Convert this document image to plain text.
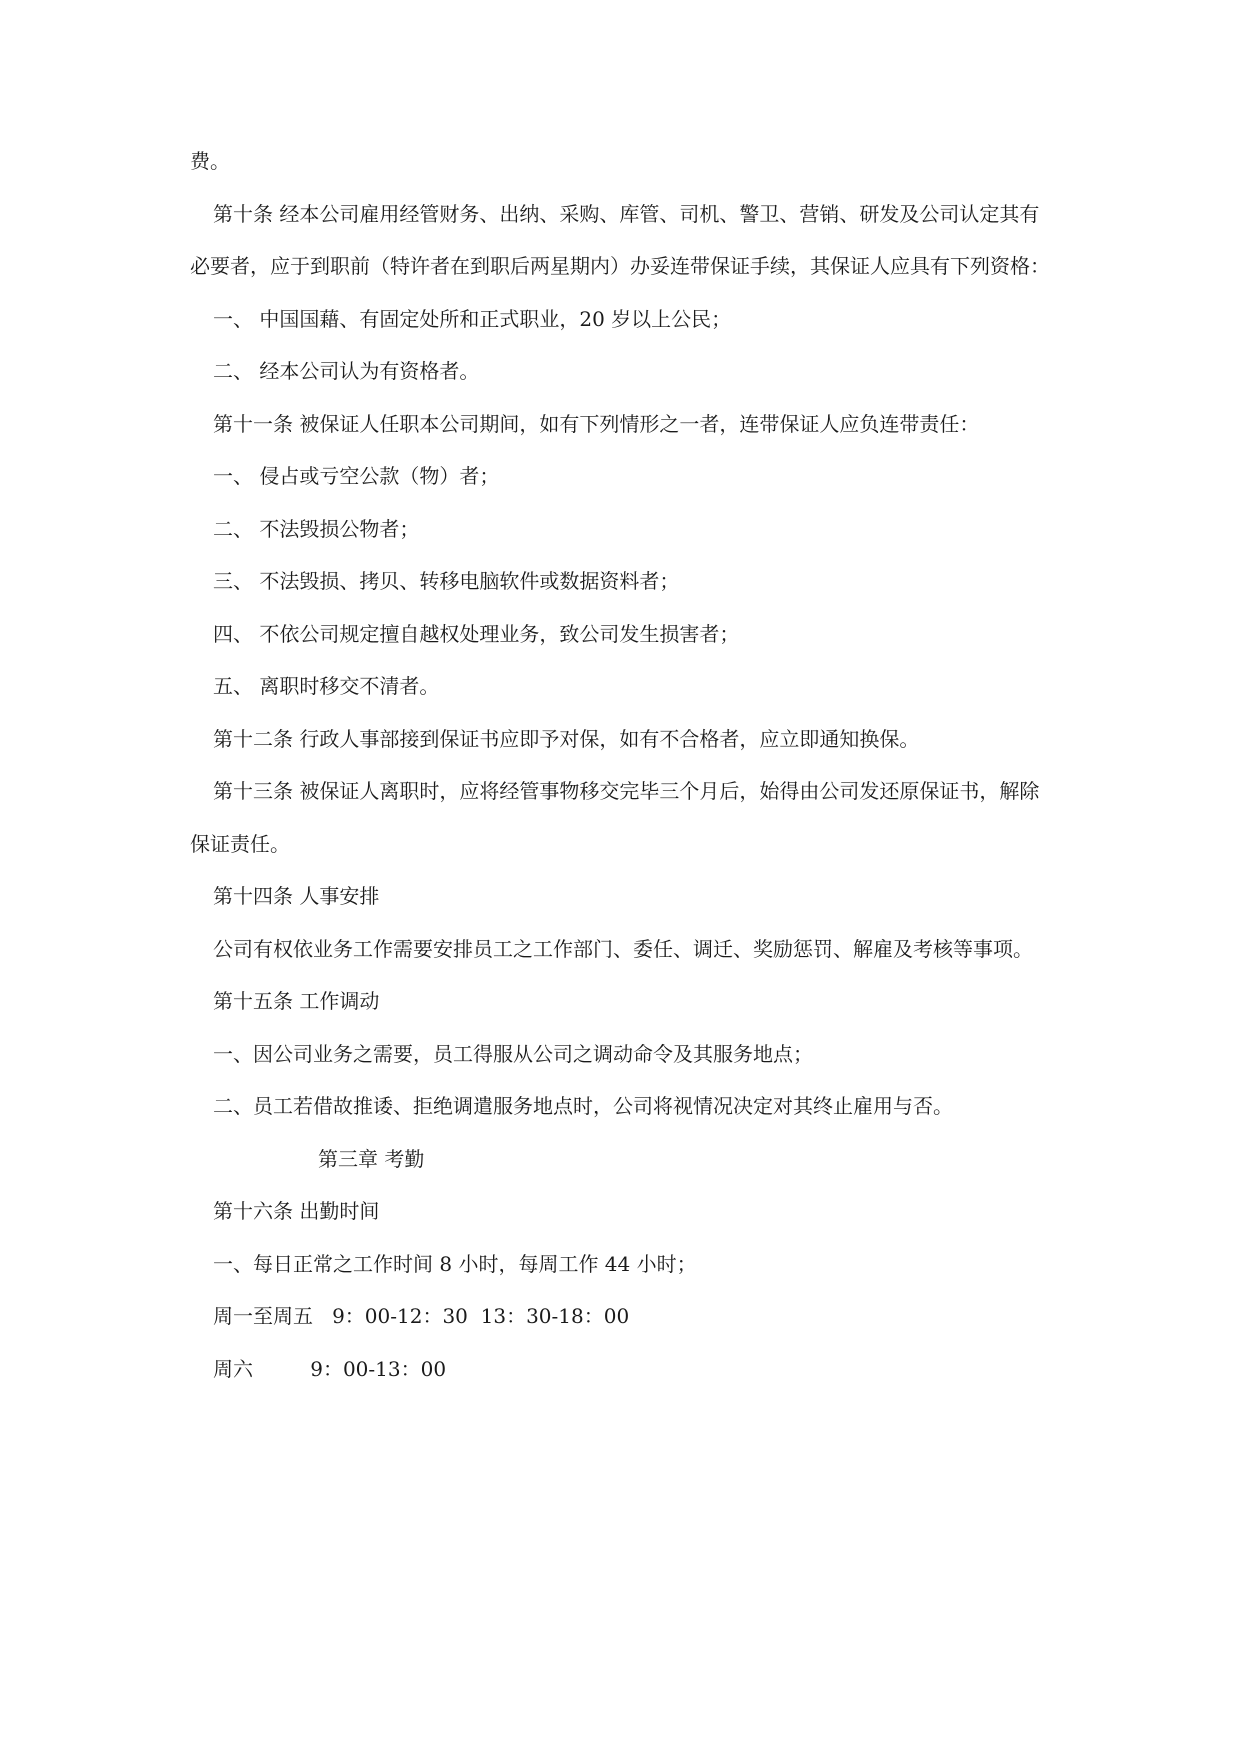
费。
第十条 经本公司雇用经管财务、出纳、采购、库管、司机、警卫、营销、研发及公司认定其有
必要者，应于到职前（特许者在到职后两星期内）办妥连带保证手续，其保证人应具有下列资格：
一、 中国国藉、有固定处所和正式职业，20 岁以上公民；
二、 经本公司认为有资格者。
第十一条 被保证人任职本公司期间，如有下列情形之一者，连带保证人应负连带责任：
一、 侵占或亏空公款（物）者；
二、 不法毁损公物者；
三、 不法毁损、拷贝、转移电脑软件或数据资料者；
四、 不依公司规定擅自越权处理业务，致公司发生损害者；
五、 离职时移交不清者。
第十二条 行政人事部接到保证书应即予对保，如有不合格者，应立即通知换保。
第十三条 被保证人离职时，应将经管事物移交完毕三个月后，始得由公司发还原保证书，解除
保证责任。
第十四条 人事安排
公司有权依业务工作需要安排员工之工作部门、委任、调迁、奖励惩罚、解雇及考核等事项。
第十五条 工作调动
一、因公司业务之需要，员工得服从公司之调动命令及其服务地点；
二、员工若借故推诿、拒绝调遣服务地点时，公司将视情况决定对其终止雇用与否。
第三章 考勤
第十六条 出勤时间
一、每日正常之工作时间 8 小时，每周工作 44 小时；
周一至周五   9：00-12：30  13：30-18：00
周六         9：00-13：00
